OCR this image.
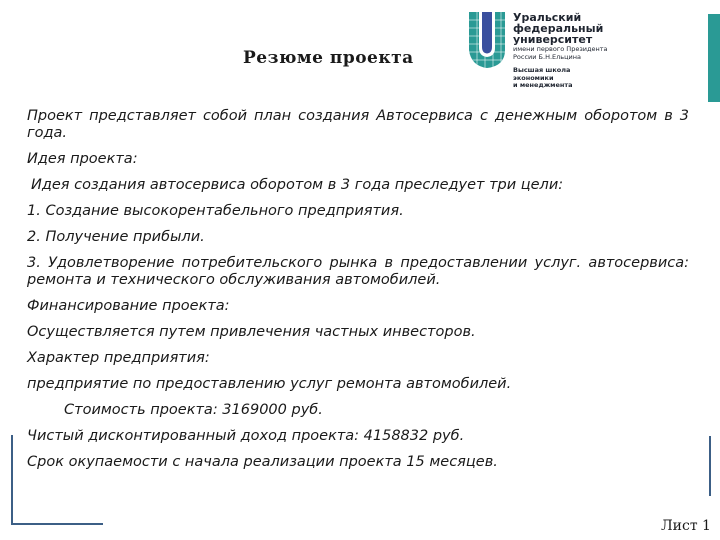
Резюме проекта
Уральский
федеральный
университет
имени первого Президента
России Б.Н.Ельцина
Высшая школа
экономики
и менеджмента
Проект представляет собой план создания Автосервиса с денежным оборотом в 3 года.
Идея проекта:
Идея создания автосервиса оборотом в 3 года преследует три цели:
1. Создание высокорентабельного предприятия.
2. Получение прибыли.
3. Удовлетворение потребительского рынка в предоставлении услуг. автосервиса: ремонта и технического обслуживания автомобилей.
Финансирование проекта:
Осуществляется путем привлечения частных инвесторов.
Характер предприятия:
предприятие по предоставлению услуг ремонта автомобилей.
Стоимость проекта: 3169000 руб.
Чистый дисконтированный доход проекта: 4158832 руб.
Срок окупаемости с начала реализации проекта 15 месяцев.
Лист 1
